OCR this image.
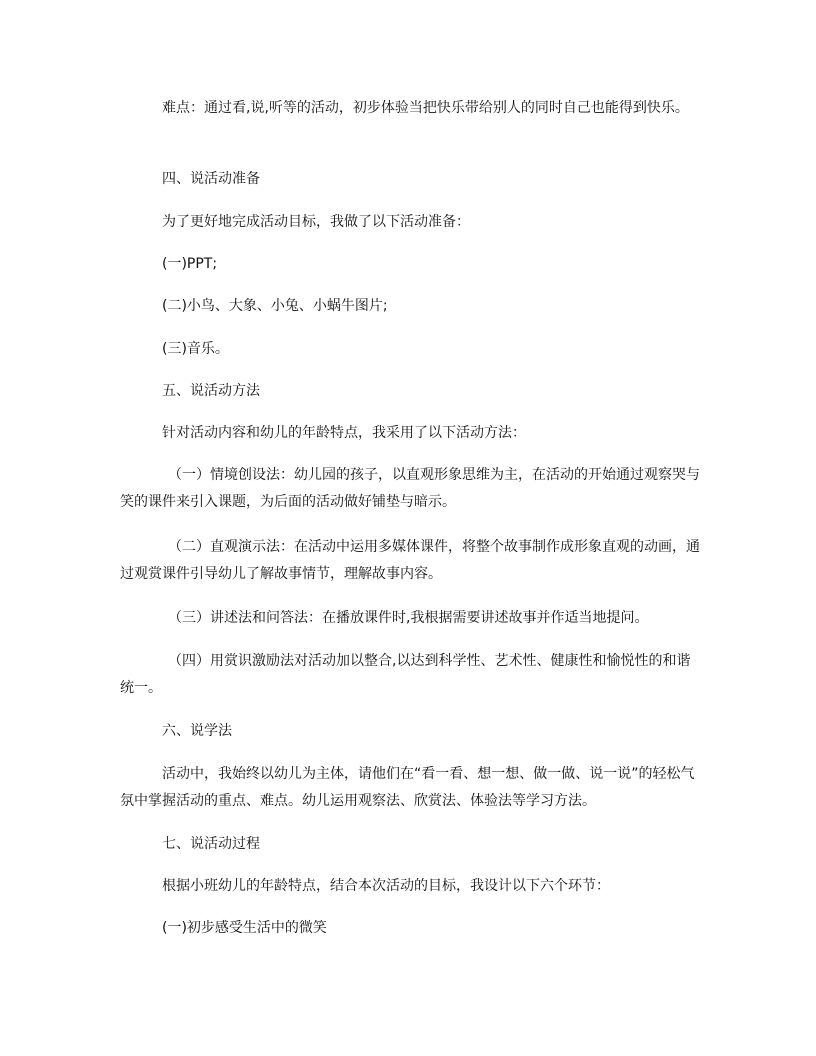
难点：通过看,说,听等的活动，初步体验当把快乐带给别人的同时自己也能得到快乐。

四、说活动准备

为了更好地完成活动目标，我做了以下活动准备：

(一)PPT;

(二)小鸟、大象、小兔、小蜗牛图片;

(三)音乐。

五、说活动方法

针对活动内容和幼儿的年龄特点，我采用了以下活动方法：

（一）情境创设法：幼儿园的孩子，以直观形象思维为主，在活动的开始通过观察哭与笑的课件来引入课题，为后面的活动做好铺垫与暗示。

（二）直观演示法：在活动中运用多媒体课件，将整个故事制作成形象直观的动画，通过观赏课件引导幼儿了解故事情节，理解故事内容。

（三）讲述法和问答法：在播放课件时,我根据需要讲述故事并作适当地提问。

（四）用赏识激励法对活动加以整合,以达到科学性、艺术性、健康性和愉悦性的和谐统一。

六、说学法

活动中，我始终以幼儿为主体，请他们在“看一看、想一想、做一做、说一说”的轻松气氛中掌握活动的重点、难点。幼儿运用观察法、欣赏法、体验法等学习方法。

七、说活动过程

根据小班幼儿的年龄特点，结合本次活动的目标，我设计以下六个环节：

(一)初步感受生活中的微笑
